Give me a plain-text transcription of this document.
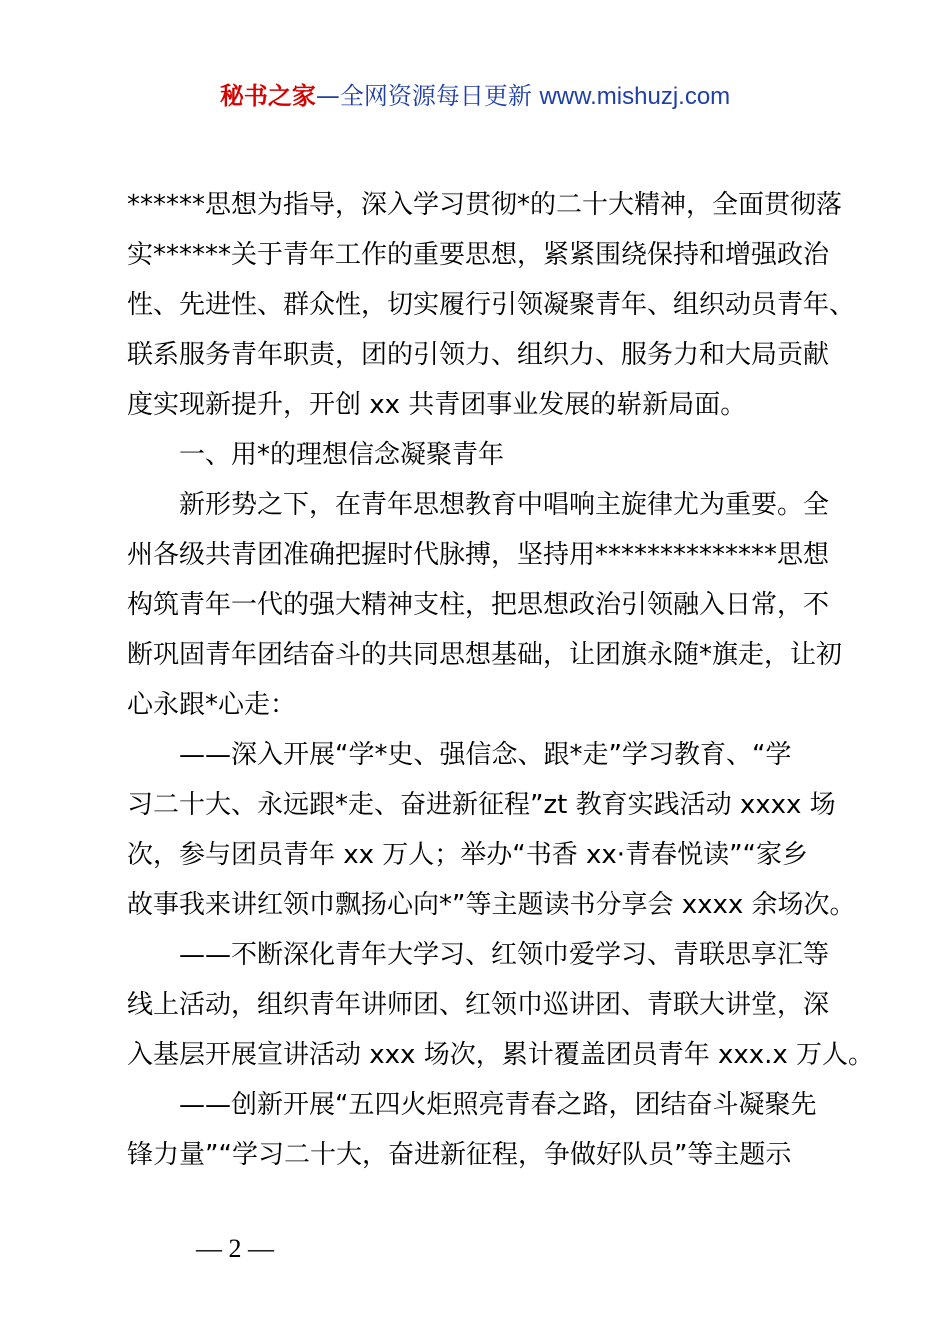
秘书之家—全网资源每日更新 www.mishuzj.com
******思想为指导，深入学习贯彻*的二十大精神，全面贯彻落
实******关于青年工作的重要思想，紧紧围绕保持和增强政治
性、先进性、群众性，切实履行引领凝聚青年、组织动员青年、
联系服务青年职责，团的引领力、组织力、服务力和大局贡献
度实现新提升，开创 xx 共青团事业发展的崭新局面。
一、用*的理想信念凝聚青年
新形势之下，在青年思想教育中唱响主旋律尤为重要。全
州各级共青团准确把握时代脉搏，坚持用**************思想
构筑青年一代的强大精神支柱，把思想政治引领融入日常，不
断巩固青年团结奋斗的共同思想基础，让团旗永随*旗走，让初
心永跟*心走：
——深入开展“学*史、强信念、跟*走”学习教育、“学
习二十大、永远跟*走、奋进新征程”zt 教育实践活动 xxxx 场
次，参与团员青年 xx 万人；举办“书香 xx·青春悦读”“家乡
故事我来讲红领巾飘扬心向*”等主题读书分享会 xxxx 余场次。
——不断深化青年大学习、红领巾爱学习、青联思享汇等
线上活动，组织青年讲师团、红领巾巡讲团、青联大讲堂，深
入基层开展宣讲活动 xxx 场次，累计覆盖团员青年 xxx.x 万人。
——创新开展“五四火炬照亮青春之路，团结奋斗凝聚先
锋力量”“学习二十大，奋进新征程，争做好队员”等主题示
— 2 —
